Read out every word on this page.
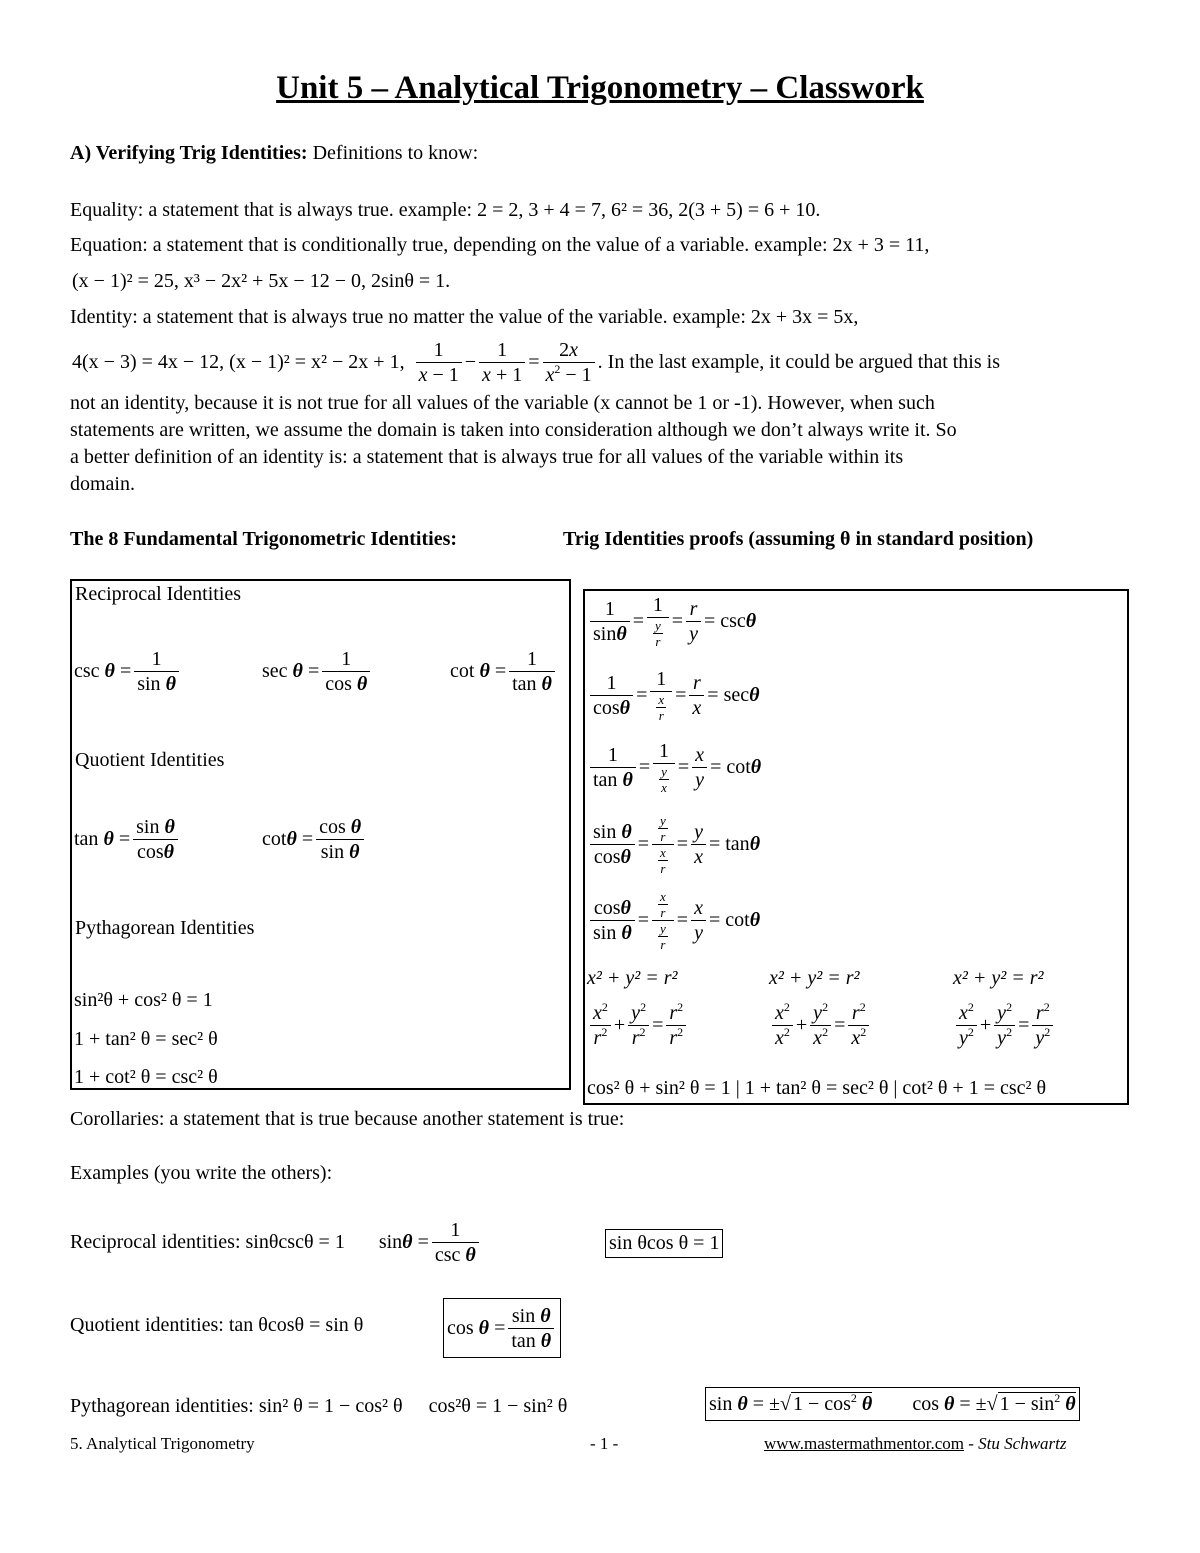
Unit 5 – Analytical Trigonometry – Classwork
A) Verifying Trig Identities: Definitions to know:
Equality: a statement that is always true. example: 2 = 2, 3 + 4 = 7, 6² = 36, 2(3 + 5) = 6 + 10.
Equation: a statement that is conditionally true, depending on the value of a variable. example: 2x + 3 = 11,
(x − 1)² = 25, x³ − 2x² + 5x − 12 − 0, 2sinθ = 1.
Identity: a statement that is always true no matter the value of the variable. example: 2x + 3x = 5x,
4(x − 3) = 4x − 12, (x − 1)² = x² − 2x + 1, $\frac{1}{x - 1} - \frac{1}{x + 1} = \frac{2x}{x^2 - 1}$ . In the last example, it could be argued that this is
not an identity, because it is not true for all values of the variable (x cannot be 1 or -1). However, when such
statements are written, we assume the domain is taken into consideration although we don’t always write it. So
a better definition of an identity is: a statement that is always true for all values of the variable within its
domain.
The 8 Fundamental Trigonometric Identities:	Trig Identities proofs (assuming θ in standard position)
Reciprocal Identities
$\csc \theta = \frac{1}{\text{sin θ}}$	$\sec \theta = \frac{1}{\text{cos θ}}$	$\cot \theta = \frac{1}{\text{tan θ}}$
Quotient Identities
$\tan \theta = \frac{\text{sin θ}}{\cos\theta}$	$\cot \theta = \frac{\text{cos θ}}{\text{sin θ}}$
Pythagorean Identities
sin²θ + cos² θ = 1
1 + tan² θ = sec² θ
1 + cot² θ = csc² θ
$\frac{1}{\sin\theta} = \frac{1}{\frac{y}{r}} = \frac{r}{y} = \csc \theta$
$\frac{1}{\cos\theta} = \frac{1}{\frac{x}{r}} = \frac{r}{x} = \sec \theta$
$\frac{1}{\text{tan θ}} = \frac{1}{\frac{y}{x}} = \frac{x}{y} = \cot \theta$
$\frac{\text{sin θ}}{\cos\theta} = \frac{\frac{y}{r}}{\frac{x}{r}} = \frac{y}{x} = \tan \theta$
$\frac{\cos\theta}{\text{sin θ}} = \frac{\frac{x}{r}}{\frac{y}{r}} = \frac{x}{y} = \cot \theta$
x² + y² = r²	x² + y² = r²	x² + y² = r²
$\frac{x^2}{r^2} + \frac{y^2}{r^2} = \frac{r^2}{r^2}$	$\frac{x^2}{x^2} + \frac{y^2}{x^2} = \frac{r^2}{x^2}$	$\frac{x^2}{y^2} + \frac{y^2}{y^2} = \frac{r^2}{y^2}$
cos² θ + sin² θ = 1 | 1 + tan² θ = sec² θ | cot² θ + 1 = csc² θ
Corollaries: a statement that is true because another statement is true:
Examples (you write the others):
Reciprocal identities:
sinθcscθ = 1 $\sin\theta = \frac{1}{\text{csc θ}}$	sin θcos θ = 1
Quotient identities:
tan θcosθ = sin θ	$\cos \theta = \frac{\text{sin θ}}{\text{tan θ}}$
Pythagorean identities:
sin² θ = 1 − cos² θ cos²θ = 1 − sin² θ	sin θ = ±√ $1 - \cos^2 \theta$ cos θ = ±√ $1 - \sin^2 \theta$
5. Analytical Trigonometry	- 1 -	www.mastermathmentor.com - Stu Schwartz
